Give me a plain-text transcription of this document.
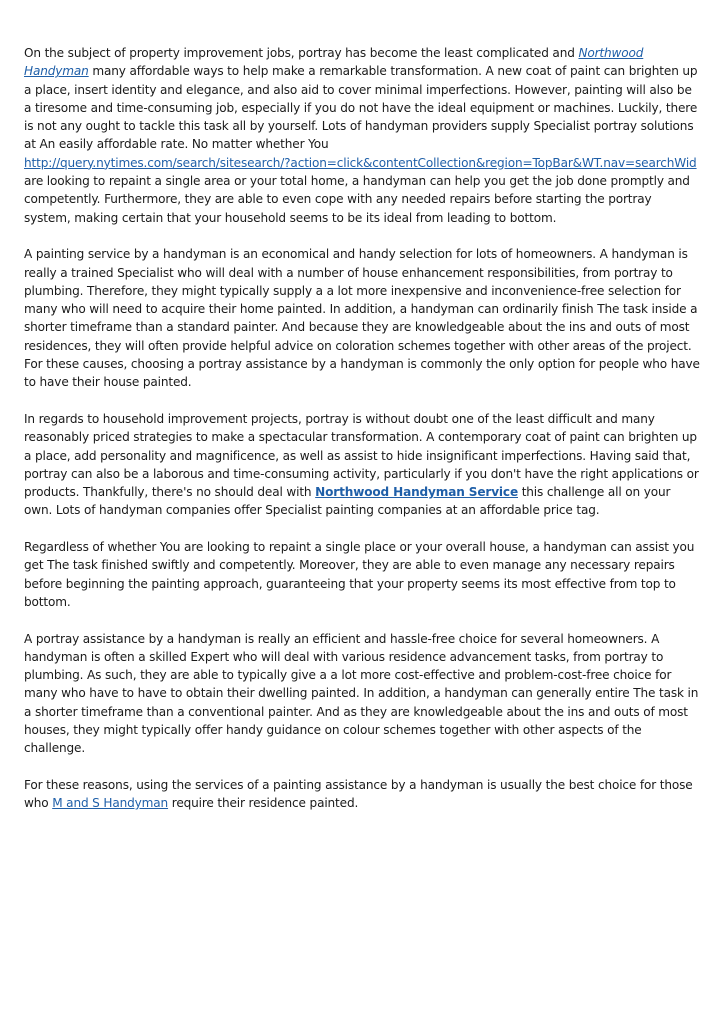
On the subject of property improvement jobs, portray has become the least complicated and Northwood Handyman many affordable ways to help make a remarkable transformation. A new coat of paint can brighten up a place, insert identity and elegance, and also aid to cover minimal imperfections. However, painting will also be a tiresome and time-consuming job, especially if you do not have the ideal equipment or machines. Luckily, there is not any ought to tackle this task all by yourself. Lots of handyman providers supply Specialist portray solutions at An easily affordable rate. No matter whether You
http://query.nytimes.com/search/sitesearch/?action=click&contentCollection&region=TopBar&WT.nav=searchWid
are looking to repaint a single area or your total home, a handyman can help you get the job done promptly and competently. Furthermore, they are able to even cope with any needed repairs before starting the portray system, making certain that your household seems to be its ideal from leading to bottom.

A painting service by a handyman is an economical and handy selection for lots of homeowners. A handyman is really a trained Specialist who will deal with a number of house enhancement responsibilities, from portray to plumbing. Therefore, they might typically supply a a lot more inexpensive and inconvenience-free selection for many who will need to acquire their home painted. In addition, a handyman can ordinarily finish The task inside a shorter timeframe than a standard painter. And because they are knowledgeable about the ins and outs of most residences, they will often provide helpful advice on coloration schemes together with other areas of the project. For these causes, choosing a portray assistance by a handyman is commonly the only option for people who have to have their house painted.

In regards to household improvement projects, portray is without doubt one of the least difficult and many reasonably priced strategies to make a spectacular transformation. A contemporary coat of paint can brighten up a place, add personality and magnificence, as well as assist to hide insignificant imperfections. Having said that, portray can also be a laborous and time-consuming activity, particularly if you don't have the right applications or products. Thankfully, there's no should deal with Northwood Handyman Service this challenge all on your own. Lots of handyman companies offer Specialist painting companies at an affordable price tag.

Regardless of whether You are looking to repaint a single place or your overall house, a handyman can assist you get The task finished swiftly and competently. Moreover, they are able to even manage any necessary repairs before beginning the painting approach, guaranteeing that your property seems its most effective from top to bottom.

A portray assistance by a handyman is really an efficient and hassle-free choice for several homeowners. A handyman is often a skilled Expert who will deal with various residence advancement tasks, from portray to plumbing. As such, they are able to typically give a a lot more cost-effective and problem-cost-free choice for many who have to have to obtain their dwelling painted. In addition, a handyman can generally entire The task in a shorter timeframe than a conventional painter. And as they are knowledgeable about the ins and outs of most houses, they might typically offer handy guidance on colour schemes together with other aspects of the challenge.

For these reasons, using the services of a painting assistance by a handyman is usually the best choice for those who M and S Handyman require their residence painted.
